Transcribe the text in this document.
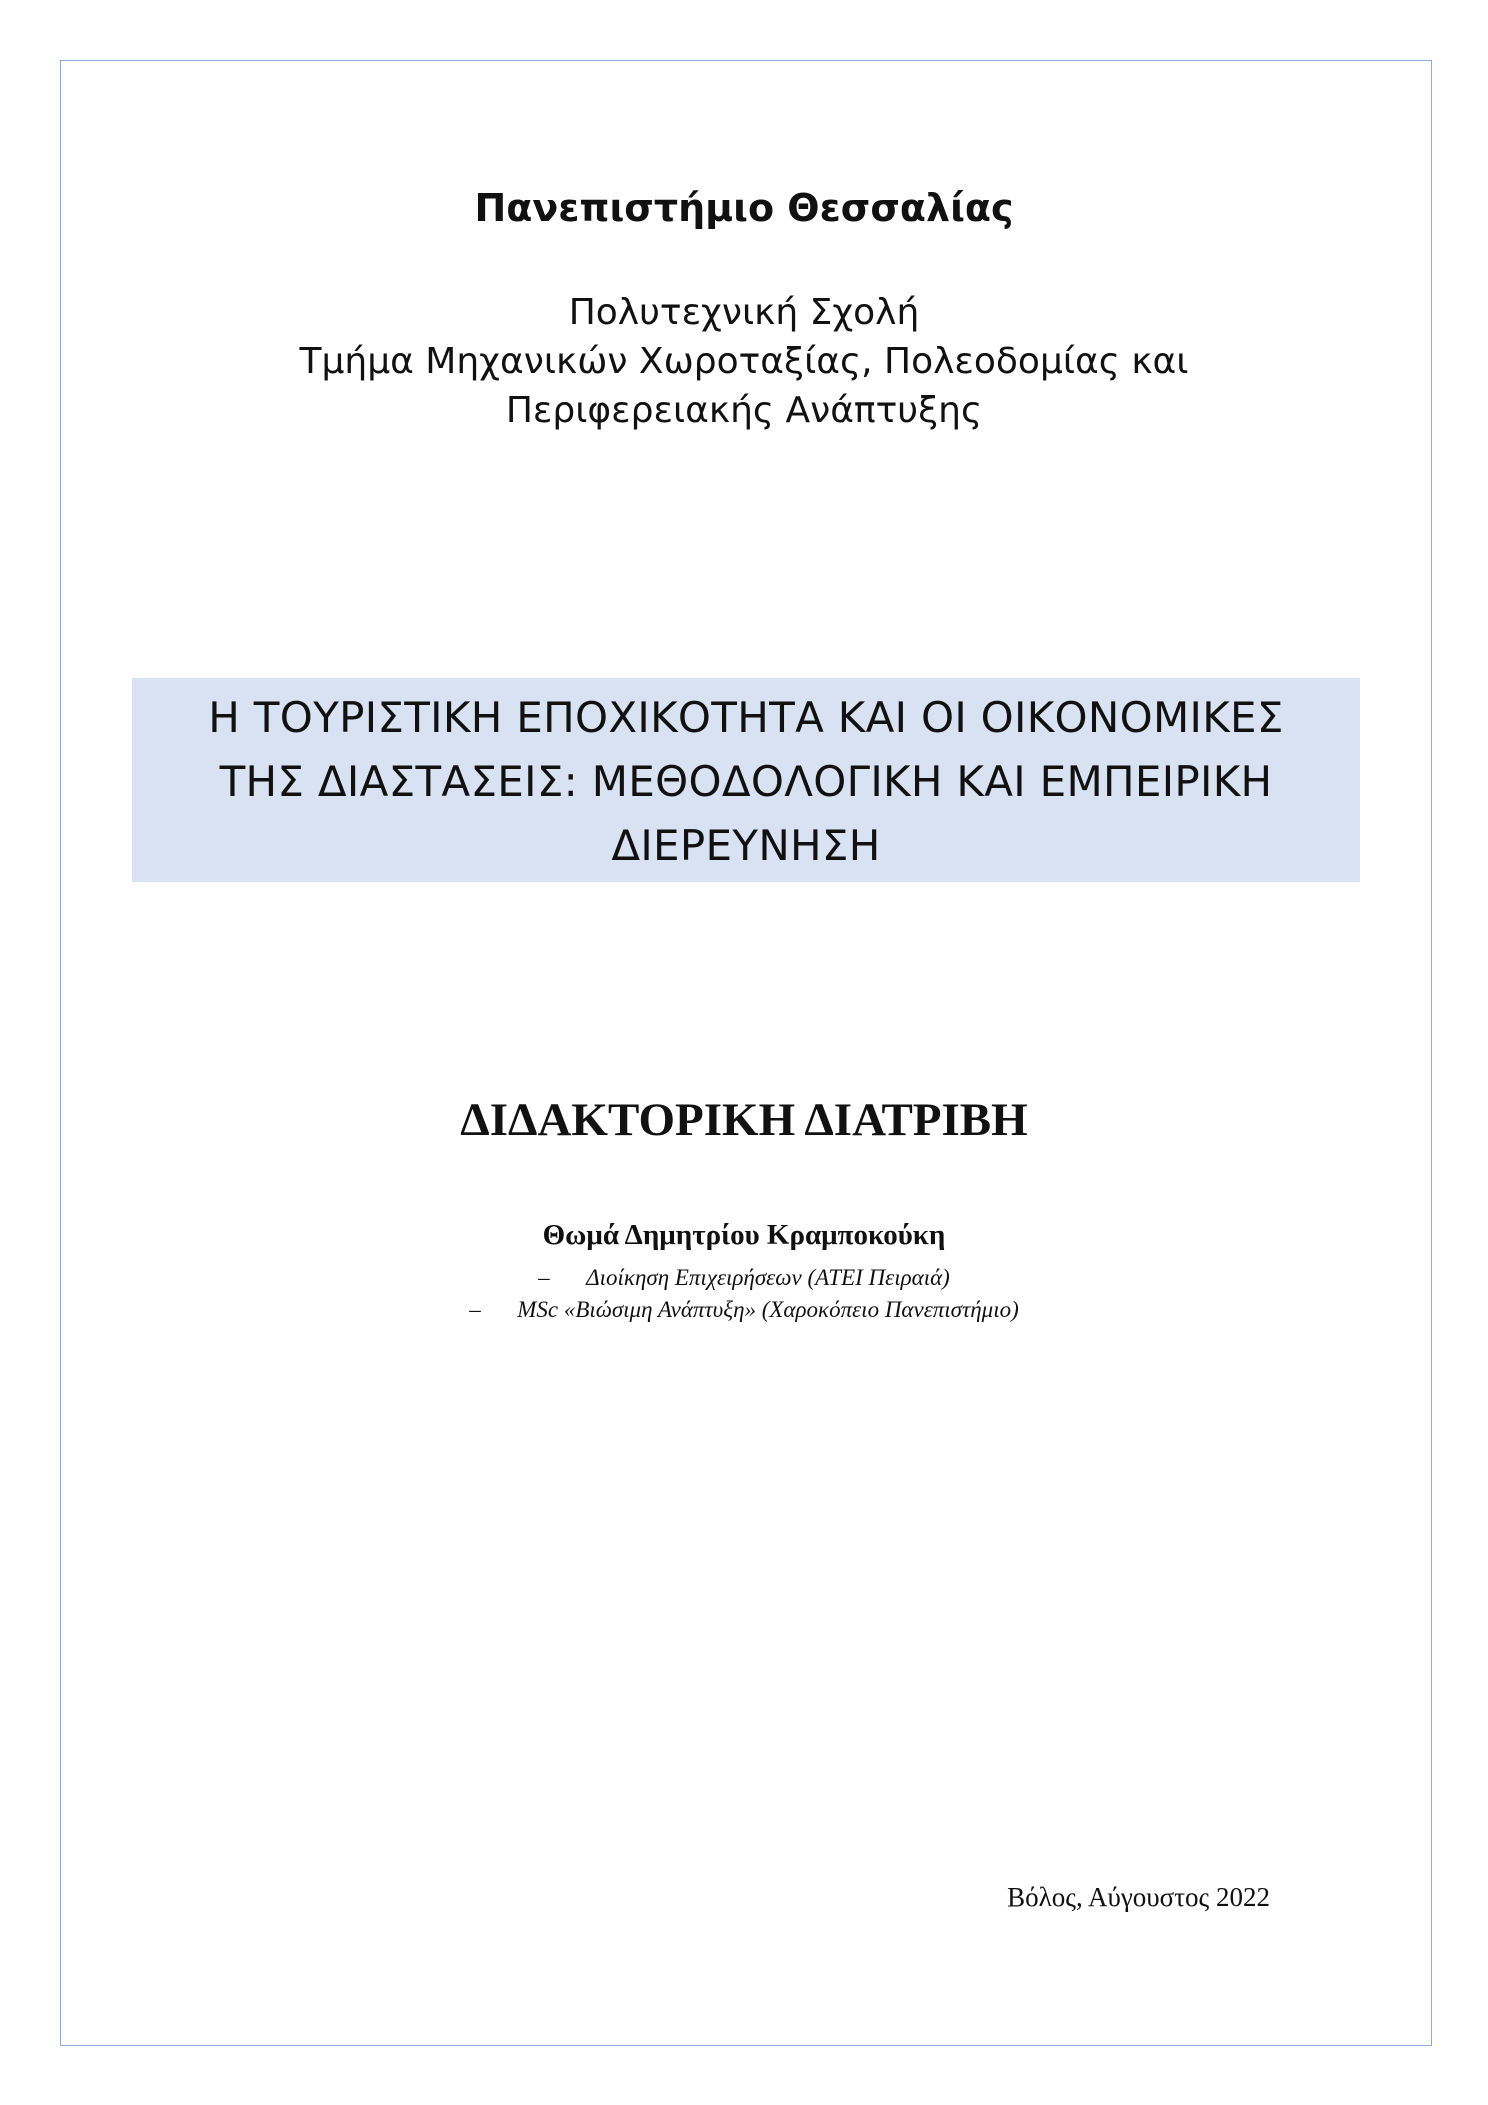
Πανεπιστήμιο Θεσσαλίας
Πολυτεχνική Σχολή
Τμήμα Μηχανικών Χωροταξίας, Πολεοδομίας και
Περιφερειακής Ανάπτυξης
Η ΤΟΥΡΙΣΤΙΚΗ ΕΠΟΧΙΚΟΤΗΤΑ ΚΑΙ ΟΙ ΟΙΚΟΝΟΜΙΚΕΣ
ΤΗΣ ΔΙΑΣΤΑΣΕΙΣ: ΜΕΘΟΔΟΛΟΓΙΚΗ ΚΑΙ ΕΜΠΕΙΡΙΚΗ
ΔΙΕΡΕΥΝΗΣΗ
ΔΙΔΑΚΤΟΡΙΚΗ ΔΙΑΤΡΙΒΗ
Θωμά Δημητρίου Κραμποκούκη
– Διοίκηση Επιχειρήσεων (ΑΤΕΙ Πειραιά)
– MSc «Βιώσιμη Ανάπτυξη» (Χαροκόπειο Πανεπιστήμιο)
Βόλος, Αύγουστος 2022
